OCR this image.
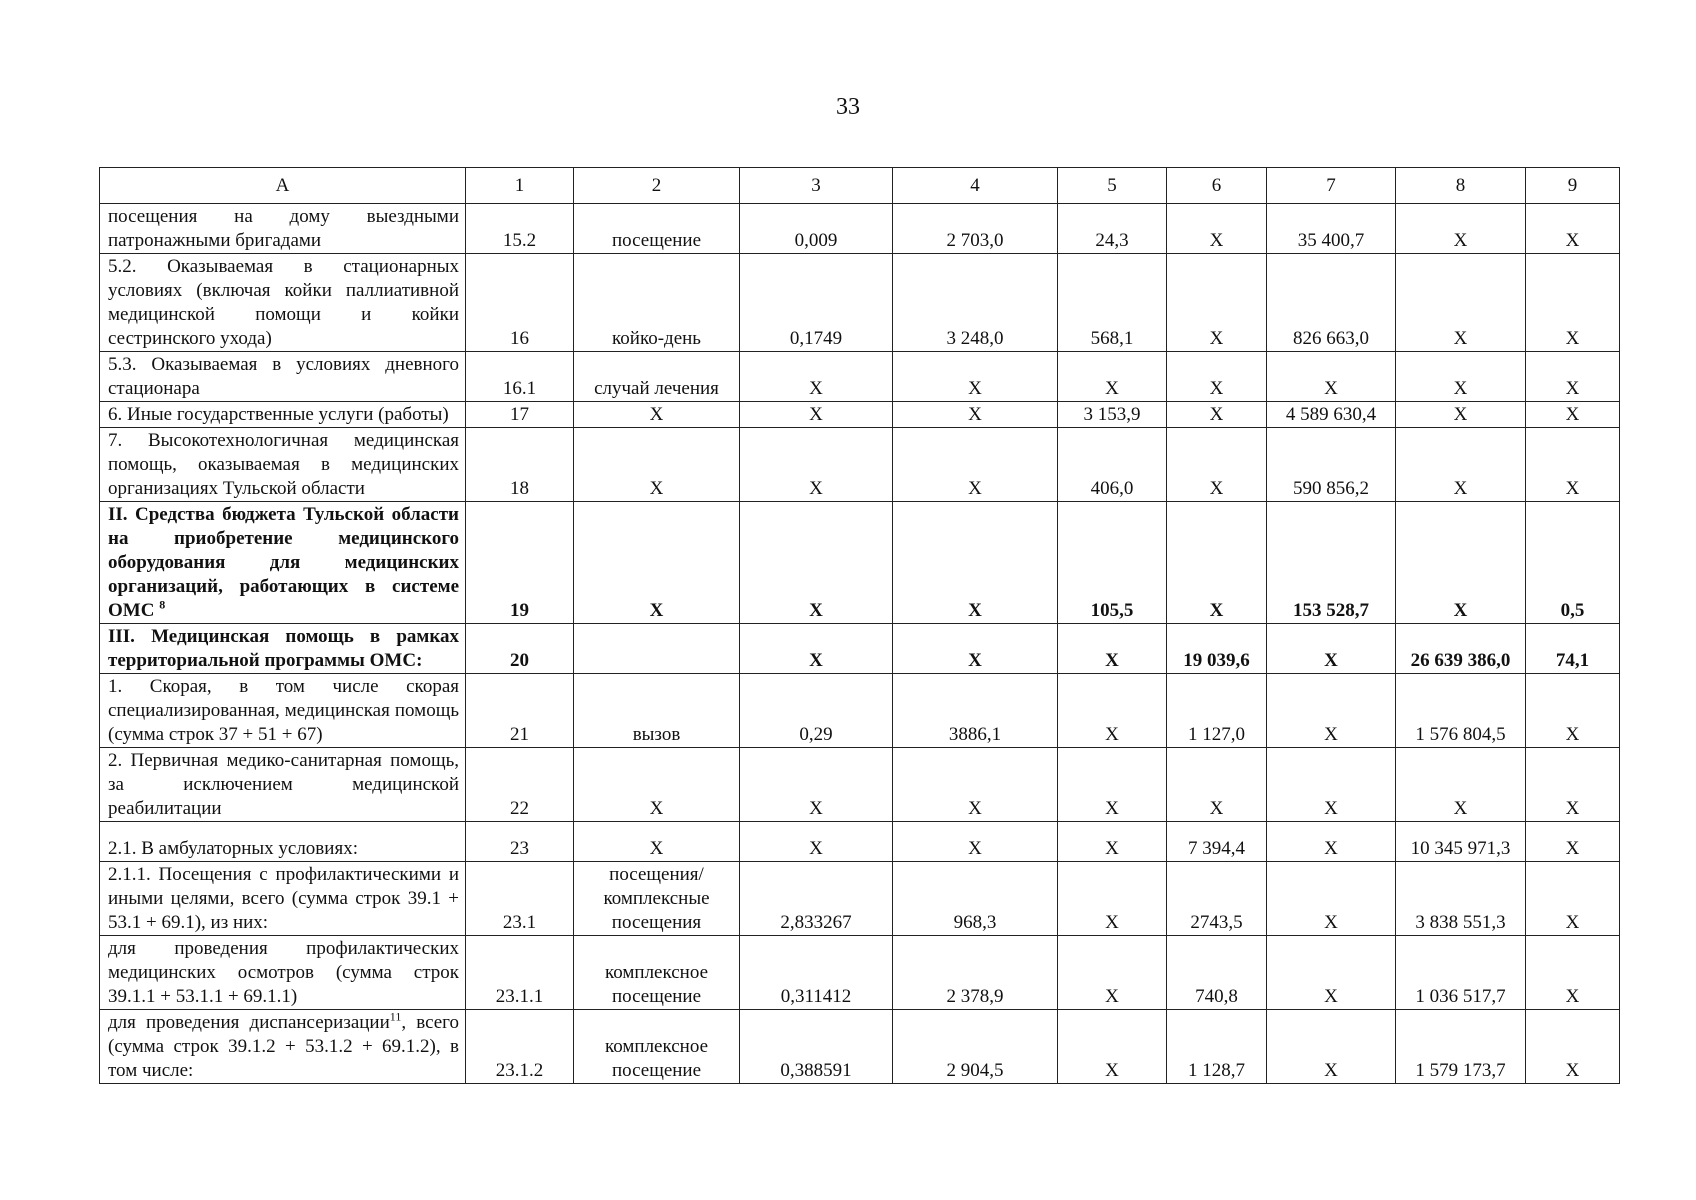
33
А	1	2	3	4	5	6	7	8	9
посещения на дому выездными патронажными бригадами	15.2	посещение	0,009	2 703,0	24,3	Х	35 400,7	Х	Х
5.2. Оказываемая в стационарных условиях (включая койки паллиативной медицинской помощи и койки сестринского ухода)	16	койко-день	0,1749	3 248,0	568,1	Х	826 663,0	Х	Х
5.3. Оказываемая в условиях дневного стационара	16.1	случай лечения	Х	Х	Х	Х	Х	Х	Х
6. Иные государственные услуги (работы)	17	Х	Х	Х	3 153,9	Х	4 589 630,4	Х	Х
7. Высокотехнологичная медицинская помощь, оказываемая в медицинских организациях Тульской области	18	Х	Х	Х	406,0	Х	590 856,2	Х	Х
II. Средства бюджета Тульской области на приобретение медицинского оборудования для медицинских организаций, работающих в системе ОМС $^8$	19	Х	Х	Х	105,5	Х	153 528,7	Х	0,5
III. Медицинская помощь в рамках территориальной программы ОМС:	20		Х	Х	Х	19 039,6	Х	26 639 386,0	74,1
1. Скорая, в том числе скорая специализированная, медицинская помощь (сумма строк 37 + 51 + 67)	21	вызов	0,29	3886,1	Х	1 127,0	Х	1 576 804,5	Х
2. Первичная медико-санитарная помощь, за исключением медицинской реабилитации	22	Х	Х	Х	Х	Х	Х	Х	Х
2.1. В амбулаторных условиях:	23	Х	Х	Х	Х	7 394,4	Х	10 345 971,3	Х
2.1.1. Посещения с профилактическими и иными целями, всего (сумма строк 39.1 + 53.1 + 69.1), из них:	23.1	посещения/комплексные посещения	2,833267	968,3	Х	2743,5	Х	3 838 551,3	Х
для проведения профилактических медицинских осмотров (сумма строк 39.1.1 + 53.1.1 + 69.1.1)	23.1.1	комплексное посещение	0,311412	2 378,9	Х	740,8	Х	1 036 517,7	Х
для проведения диспансеризации$^{11}$, всего (сумма строк 39.1.2 + 53.1.2 + 69.1.2), в том числе:	23.1.2	комплексное посещение	0,388591	2 904,5	Х	1 128,7	Х	1 579 173,7	Х
